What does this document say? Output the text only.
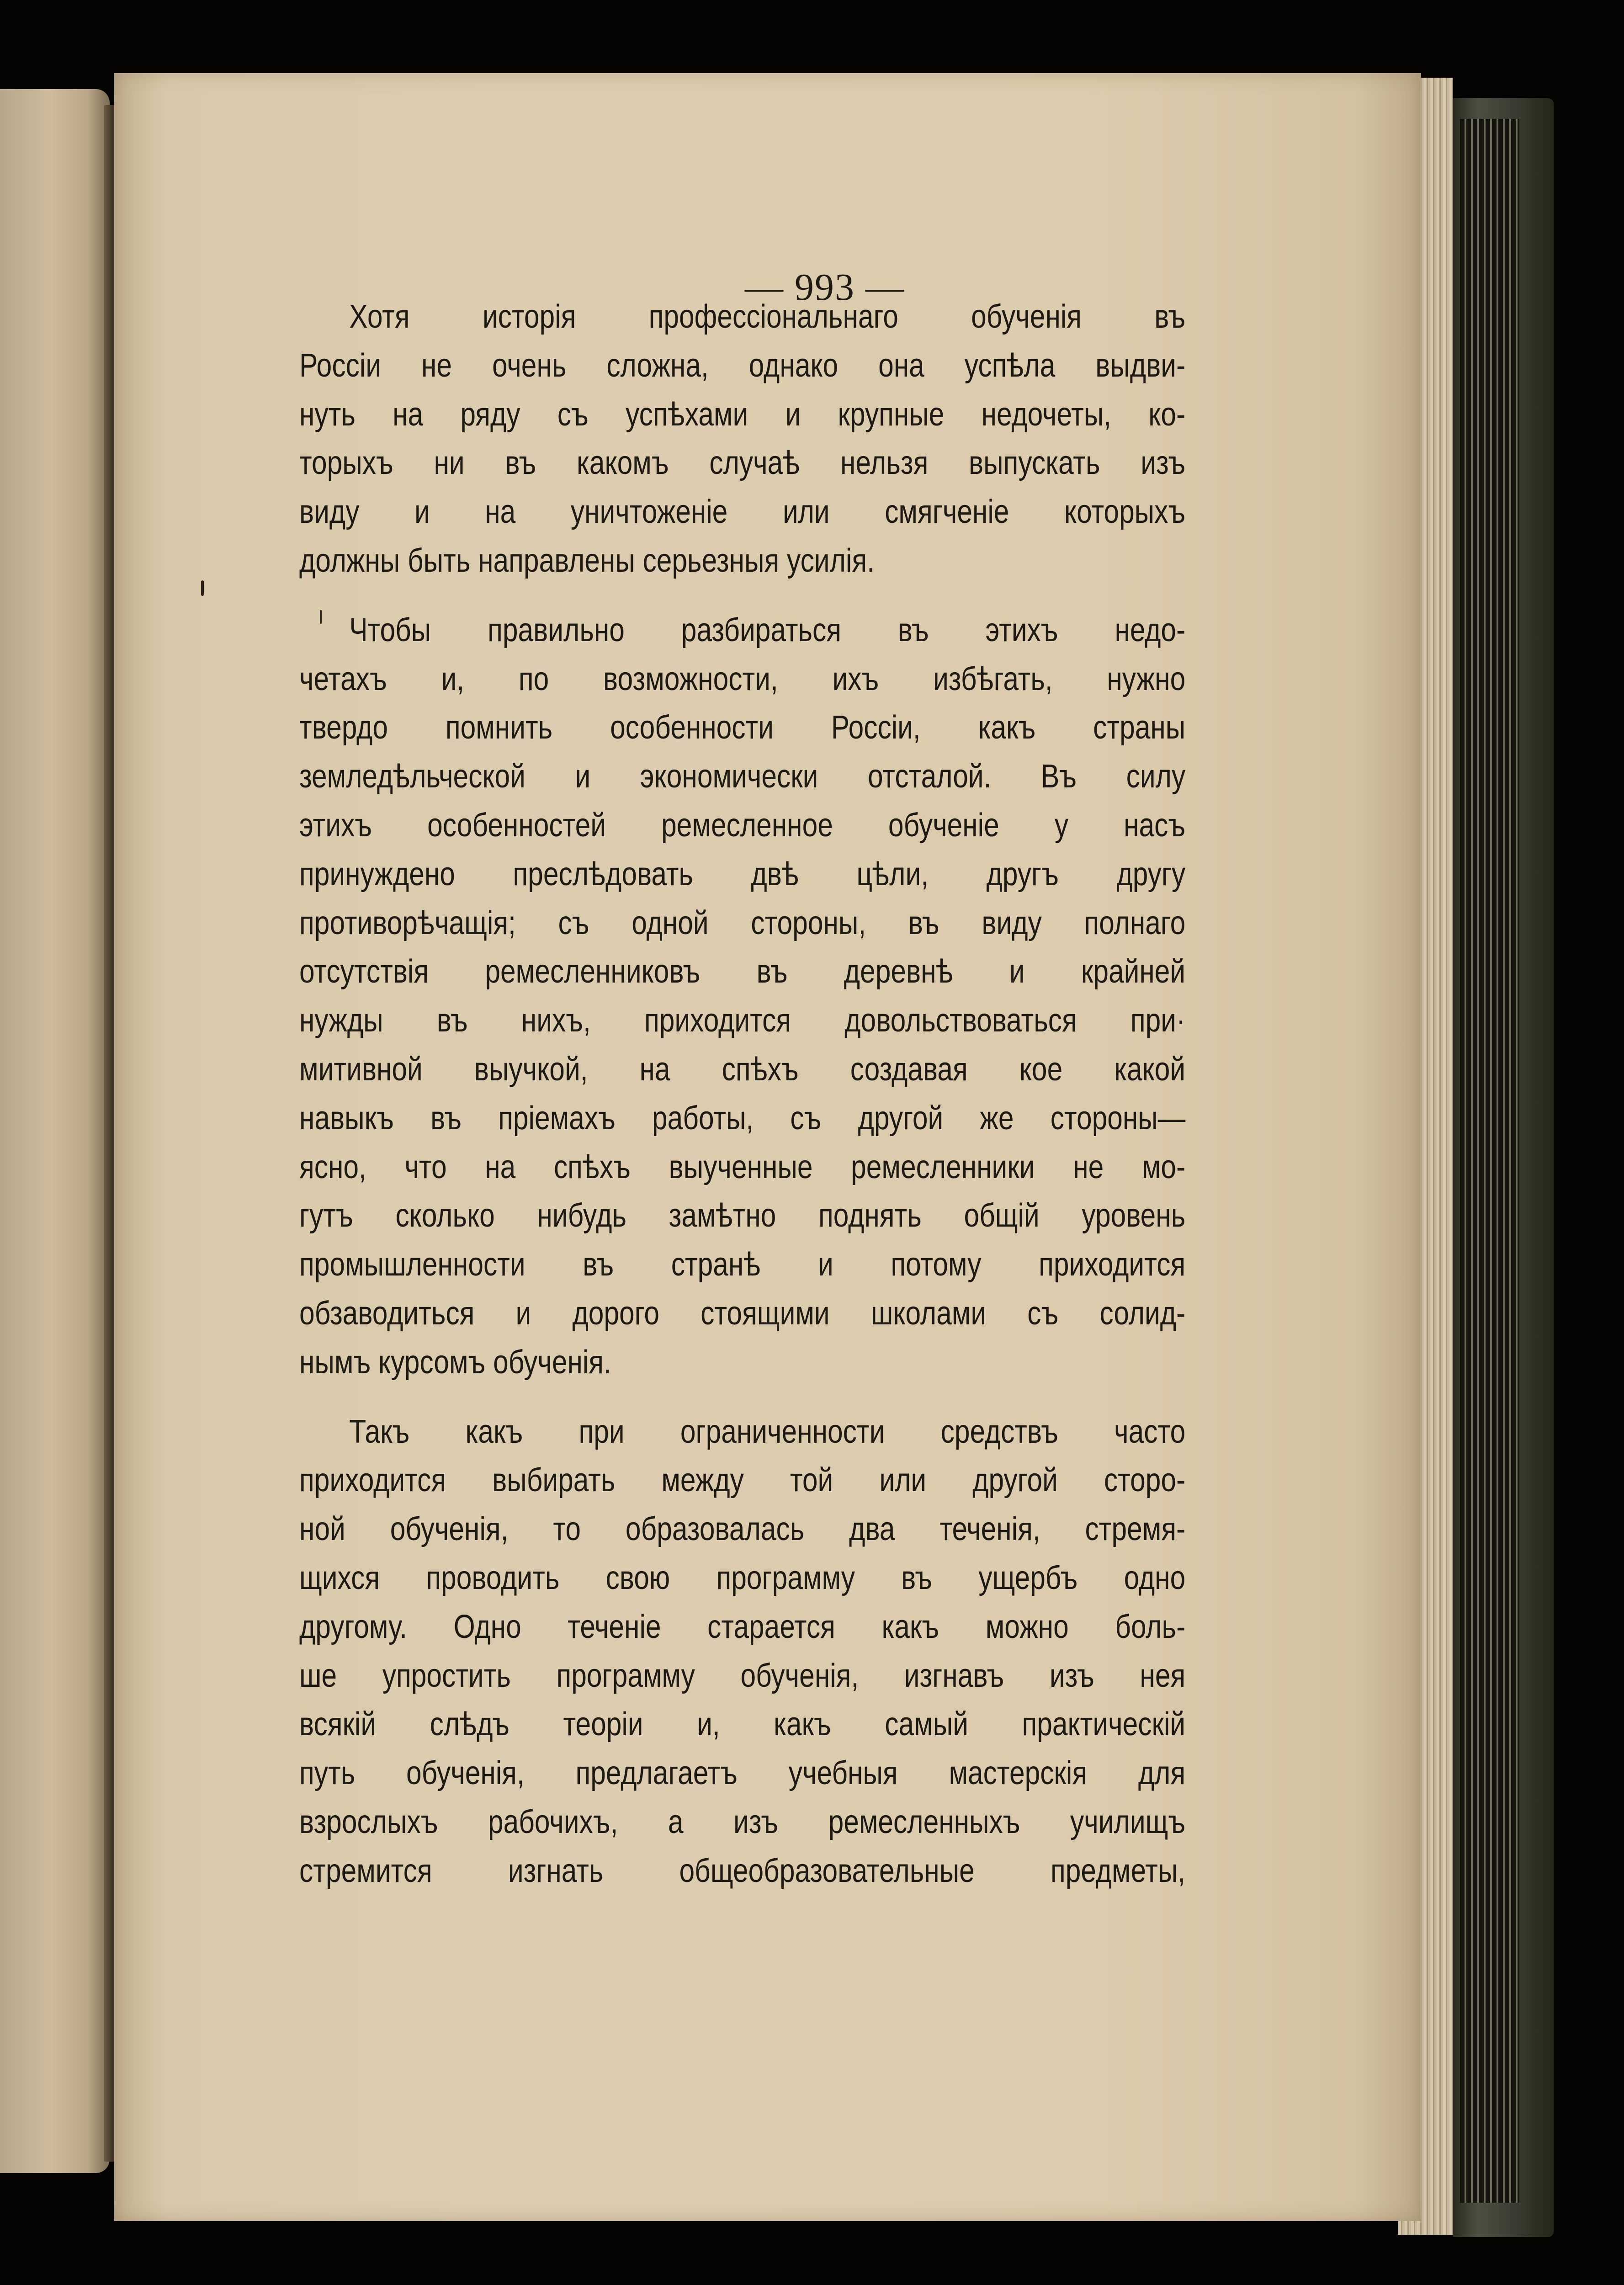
— 993 —
Хотя исторія профессіональнаго обученія въ
Россіи не очень сложна, однако она успѣла выдви-
нуть на ряду съ успѣхами и крупные недочеты, ко-
торыхъ ни въ какомъ случаѣ нельзя выпускать изъ
виду и на уничтоженіе или смягченіе которыхъ
должны быть направлены серьезныя усилія.
Чтобы правильно разбираться въ этихъ недо-
четахъ и, по возможности, ихъ избѣгать, нужно
твердо помнить особенности Россіи, какъ страны
земледѣльческой и экономически отсталой. Въ силу
этихъ особенностей ремесленное обученіе у насъ
принуждено преслѣдовать двѣ цѣли, другъ другу
противорѣчащія; съ одной стороны, въ виду полнаго
отсутствія ремесленниковъ въ деревнѣ и крайней
нужды въ нихъ, приходится довольствоваться при·
митивной выучкой, на спѣхъ создавая кое какой
навыкъ въ пріемахъ работы, съ другой же стороны—
ясно, что на спѣхъ выученные ремесленники не мо-
гутъ сколько нибудь замѣтно поднять общій уровень
промышленности въ странѣ и потому приходится
обзаводиться и дорого стоящими школами съ солид-
нымъ курсомъ обученія.
Такъ какъ при ограниченности средствъ часто
приходится выбирать между той или другой сторо-
ной обученія, то образовалась два теченія, стремя-
щихся проводить свою программу въ ущербъ одно
другому. Одно теченіе старается какъ можно боль-
ше упростить программу обученія, изгнавъ изъ нея
всякій слѣдъ теоріи и, какъ самый практическій
путь обученія, предлагаетъ учебныя мастерскія для
взрослыхъ рабочихъ, а изъ ремесленныхъ училищъ
стремится изгнать общеобразовательные предметы,
